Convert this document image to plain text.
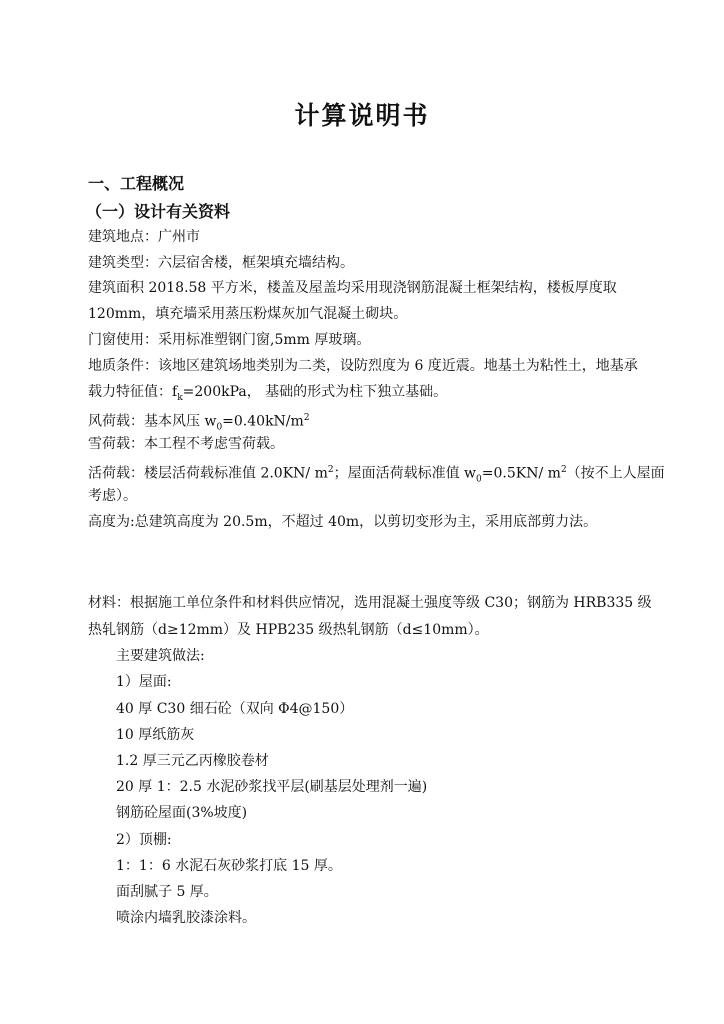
计算说明书
一、工程概况
（一）设计有关资料
建筑地点：广州市
建筑类型：六层宿舍楼，框架填充墙结构。
建筑面积 2018.58 平方米，楼盖及屋盖均采用现浇钢筋混凝土框架结构，楼板厚度取
120mm，填充墙采用蒸压粉煤灰加气混凝土砌块。
门窗使用：采用标准塑钢门窗,5mm 厚玻璃。
地质条件：该地区建筑场地类别为二类，设防烈度为 6 度近震。地基土为粘性土，地基承
载力特征值：$f_k=200kPa$， 基础的形式为柱下独立基础。
风荷载：基本风压 $w_0=0.40kN/m^2$
雪荷载：本工程不考虑雪荷载。
活荷载：楼层活荷载标准值 2.0KN/ $m^2$；屋面活荷载标准值 $w_0=0.5KN/$ $m^2$（按不上人屋面
考虑）。
高度为:总建筑高度为 20.5m，不超过 40m，以剪切变形为主，采用底部剪力法。
材料：根据施工单位条件和材料供应情况，选用混凝土强度等级 C30；钢筋为 HRB335 级
热轧钢筋（d≥12mm）及 HPB235 级热轧钢筋（d≤10mm）。
主要建筑做法:
1）屋面:
40 厚 C30 细石砼（双向 Φ4@150）
10 厚纸筋灰
1.2 厚三元乙丙橡胶卷材
20 厚 1：2.5 水泥砂浆找平层(刷基层处理剂一遍)
钢筋砼屋面(3%坡度)
2）顶棚:
1：1：6 水泥石灰砂浆打底 15 厚。
面刮腻子 5 厚。
喷涂内墙乳胶漆涂料。
